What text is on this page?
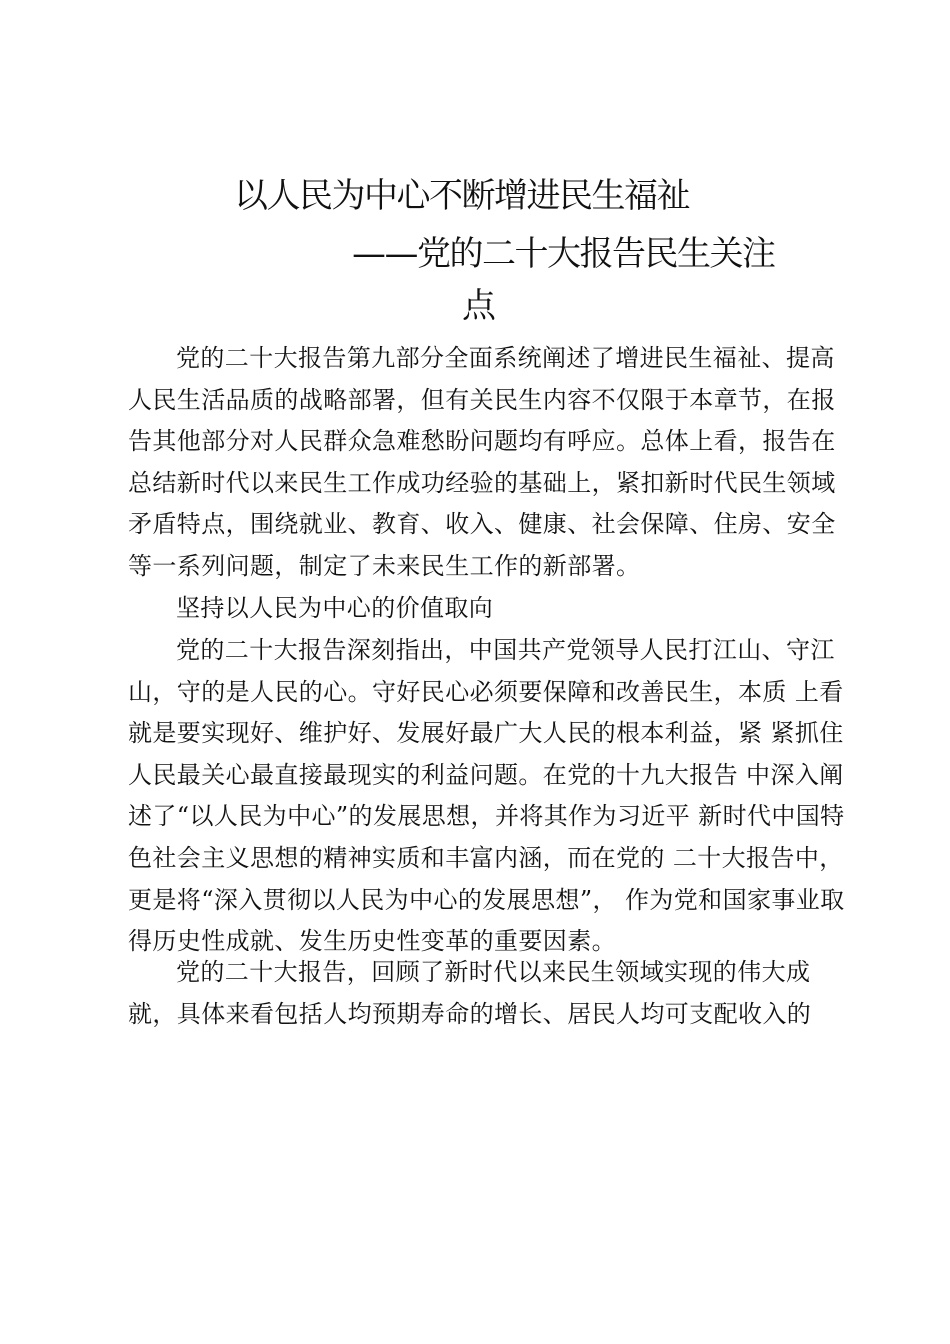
以人民为中心不断增进民生福祉
——党的二十大报告民生关注
点

党的二十大报告第九部分全面系统阐述了增进民生福祉、提高人民生活品质的战略部署，但有关民生内容不仅限于本章节，在报告其他部分对人民群众急难愁盼问题均有呼应。总体上看，报告在总结新时代以来民生工作成功经验的基础上，紧扣新时代民生领域矛盾特点，围绕就业、教育、收入、健康、社会保障、住房、安全等一系列问题，制定了未来民生工作的新部署。

坚持以人民为中心的价值取向

党的二十大报告深刻指出，中国共产党领导人民打江山、守江山，守的是人民的心。守好民心必须要保障和改善民生，本质 上看就是要实现好、维护好、发展好最广大人民的根本利益，紧 紧抓住人民最关心最直接最现实的利益问题。在党的十九大报告 中深入阐述了“以人民为中心”的发展思想，并将其作为习近平 新时代中国特色社会主义思想的精神实质和丰富内涵，而在党的 二十大报告中，更是将“深入贯彻以人民为中心的发展思想”， 作为党和国家事业取得历史性成就、发生历史性变革的重要因素。

党的二十大报告，回顾了新时代以来民生领域实现的伟大成就，具体来看包括人均预期寿命的增长、居民人均可支配收入的
